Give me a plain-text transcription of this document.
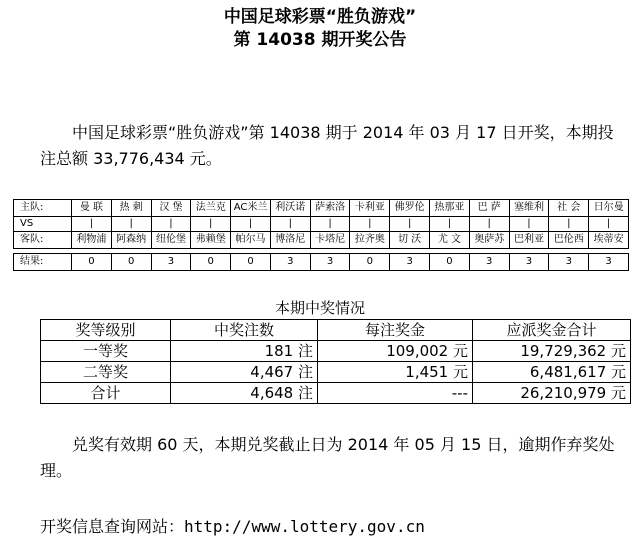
中国足球彩票“胜负游戏”
第 14038 期开奖公告
中国足球彩票“胜负游戏”第 14038 期于 2014 年 03 月 17 日开奖，本期投注总额 33,776,434 元。
主队:	曼 联	热 刺	汉 堡	法兰克	AC米兰	利沃诺	萨索洛	卡利亚	佛罗伦	热那亚	巴 萨	塞维利	社 会	日尔曼
VS	|	|	|	|	|	|	|	|	|	|	|	|	|	|
客队:	利物浦	阿森纳	纽伦堡	弗赖堡	帕尔马	博洛尼	卡塔尼	拉齐奥	切 沃	尤 文	奥萨苏	巴利亚	巴伦西	埃蒂安

结果:	0	0	3	0	0	3	3	0	3	0	3	3	3	3
本期中奖情况
奖等级别	中奖注数	每注奖金	应派奖金合计
一等奖	181 注	109,002 元	19,729,362 元
二等奖	4,467 注	1,451 元	6,481,617 元
合计	4,648 注	---	26,210,979 元
兑奖有效期 60 天，本期兑奖截止日为 2014 年 05 月 15 日，逾期作弃奖处理。
开奖信息查询网站：http://www.lottery.gov.cn
